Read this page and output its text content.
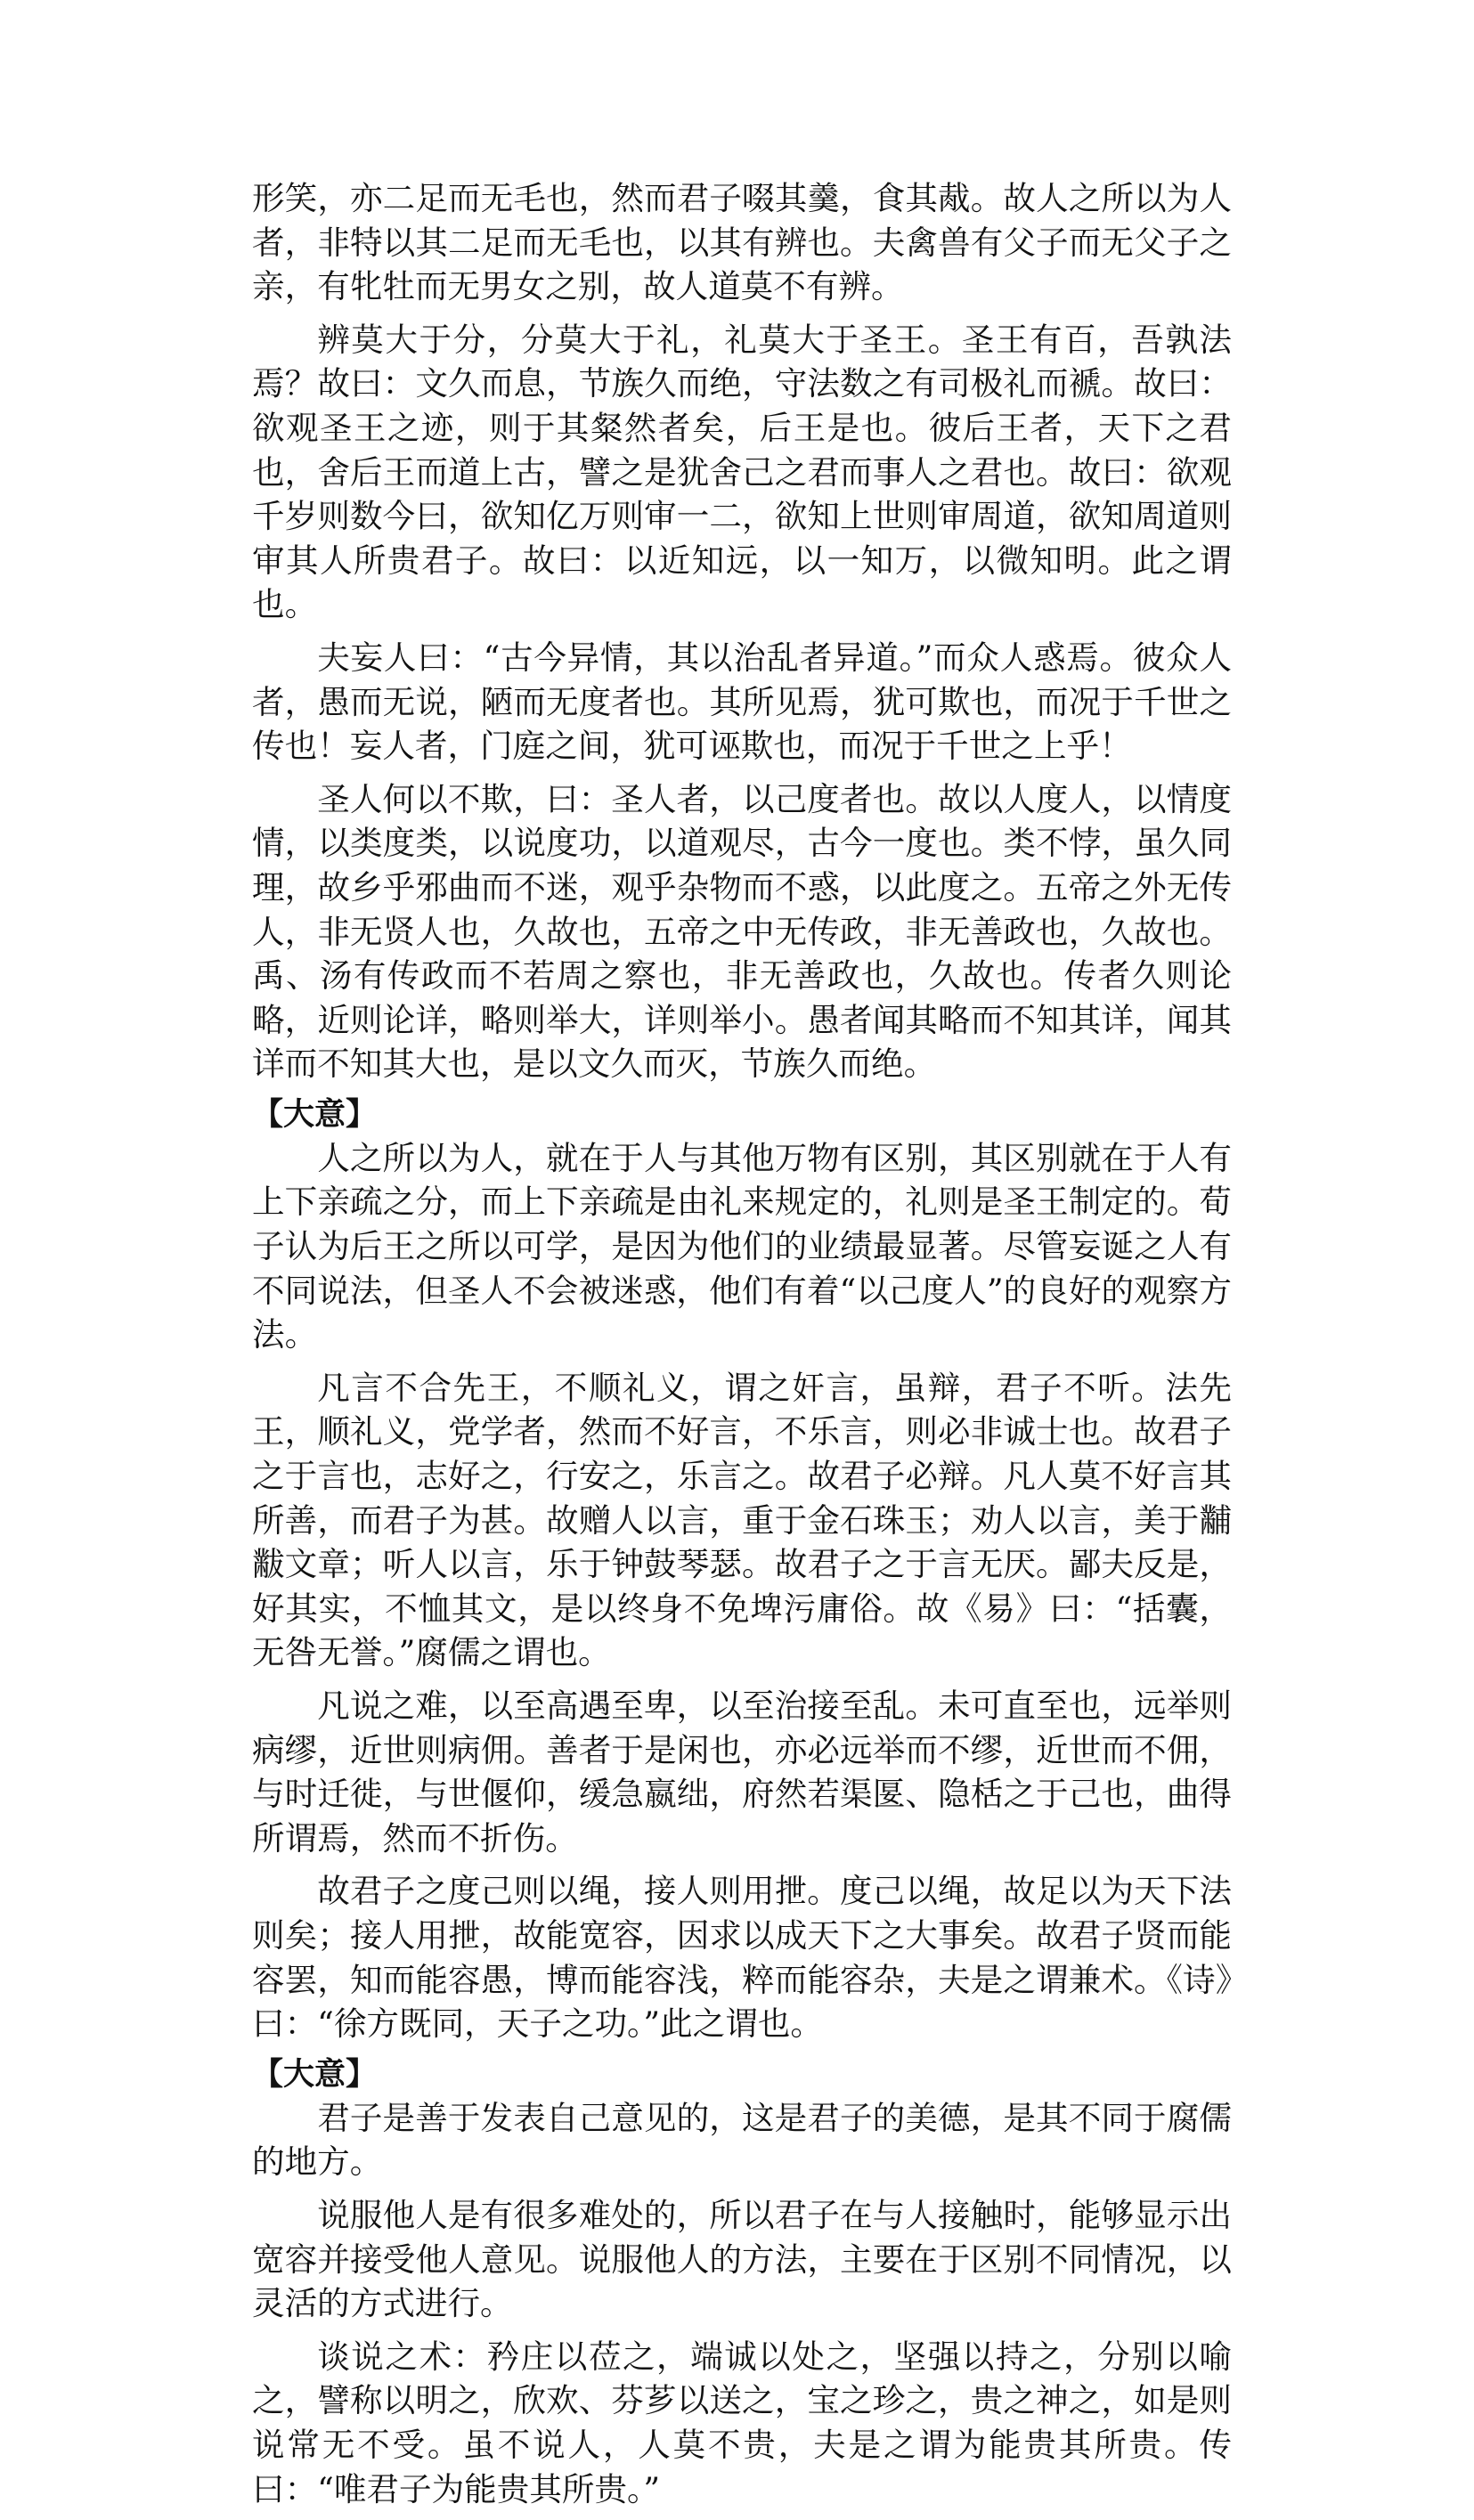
形笑，亦二足而无毛也，然而君子啜其羹，食其胾。故人之所以为人者，非特以其二足而无毛也，以其有辨也。夫禽兽有父子而无父子之亲，有牝牡而无男女之别，故人道莫不有辨。

辨莫大于分，分莫大于礼，礼莫大于圣王。圣王有百，吾孰法焉？故曰：文久而息，节族久而绝，守法数之有司极礼而褫。故曰：欲观圣王之迹，则于其粲然者矣，后王是也。彼后王者，天下之君也，舍后王而道上古，譬之是犹舍己之君而事人之君也。故曰：欲观千岁则数今曰，欲知亿万则审一二，欲知上世则审周道，欲知周道则审其人所贵君子。故曰：以近知远，以一知万，以微知明。此之谓也。

夫妄人曰：“古今异情，其以治乱者异道。”而众人惑焉。彼众人者，愚而无说，陋而无度者也。其所见焉，犹可欺也，而况于千世之传也！妄人者，门庭之间，犹可诬欺也，而况于千世之上乎！

圣人何以不欺，曰：圣人者，以己度者也。故以人度人，以情度情，以类度类，以说度功，以道观尽，古今一度也。类不悖，虽久同理，故乡乎邪曲而不迷，观乎杂物而不惑，以此度之。五帝之外无传人，非无贤人也，久故也，五帝之中无传政，非无善政也，久故也。禹、汤有传政而不若周之察也，非无善政也，久故也。传者久则论略，近则论详，略则举大，详则举小。愚者闻其略而不知其详，闻其详而不知其大也，是以文久而灭，节族久而绝。

【大意】

人之所以为人，就在于人与其他万物有区别，其区别就在于人有上下亲疏之分，而上下亲疏是由礼来规定的，礼则是圣王制定的。荀子认为后王之所以可学，是因为他们的业绩最显著。尽管妄诞之人有不同说法，但圣人不会被迷惑，他们有着“以己度人”的良好的观察方法。

凡言不合先王，不顺礼义，谓之奸言，虽辩，君子不听。法先王，顺礼义，党学者，然而不好言，不乐言，则必非诚士也。故君子之于言也，志好之，行安之，乐言之。故君子必辩。凡人莫不好言其所善，而君子为甚。故赠人以言，重于金石珠玉；劝人以言，美于黼黻文章；听人以言，乐于钟鼓琴瑟。故君子之于言无厌。鄙夫反是，好其实，不恤其文，是以终身不免埤污庸俗。故《易》曰：“括囊，无咎无誉。”腐儒之谓也。

凡说之难，以至高遇至卑，以至治接至乱。未可直至也，远举则病缪，近世则病佣。善者于是闲也，亦必远举而不缪，近世而不佣，与时迁徙，与世偃仰，缓急嬴绌，府然若渠匽、隐栝之于己也，曲得所谓焉，然而不折伤。

故君子之度己则以绳，接人则用抴。度己以绳，故足以为天下法则矣；接人用抴，故能宽容，因求以成天下之大事矣。故君子贤而能容罢，知而能容愚，博而能容浅，粹而能容杂，夫是之谓兼术。《诗》曰：“徐方既同，天子之功。”此之谓也。

【大意】

君子是善于发表自己意见的，这是君子的美德，是其不同于腐儒的地方。

说服他人是有很多难处的，所以君子在与人接触时，能够显示出宽容并接受他人意见。说服他人的方法，主要在于区别不同情况，以灵活的方式进行。

谈说之术：矜庄以莅之，端诚以处之，坚强以持之，分别以喻之，譬称以明之，欣欢、芬芗以送之，宝之珍之，贵之神之，如是则说常无不受。虽不说人，人莫不贵，夫是之谓为能贵其所贵。传曰：“唯君子为能贵其所贵。”
